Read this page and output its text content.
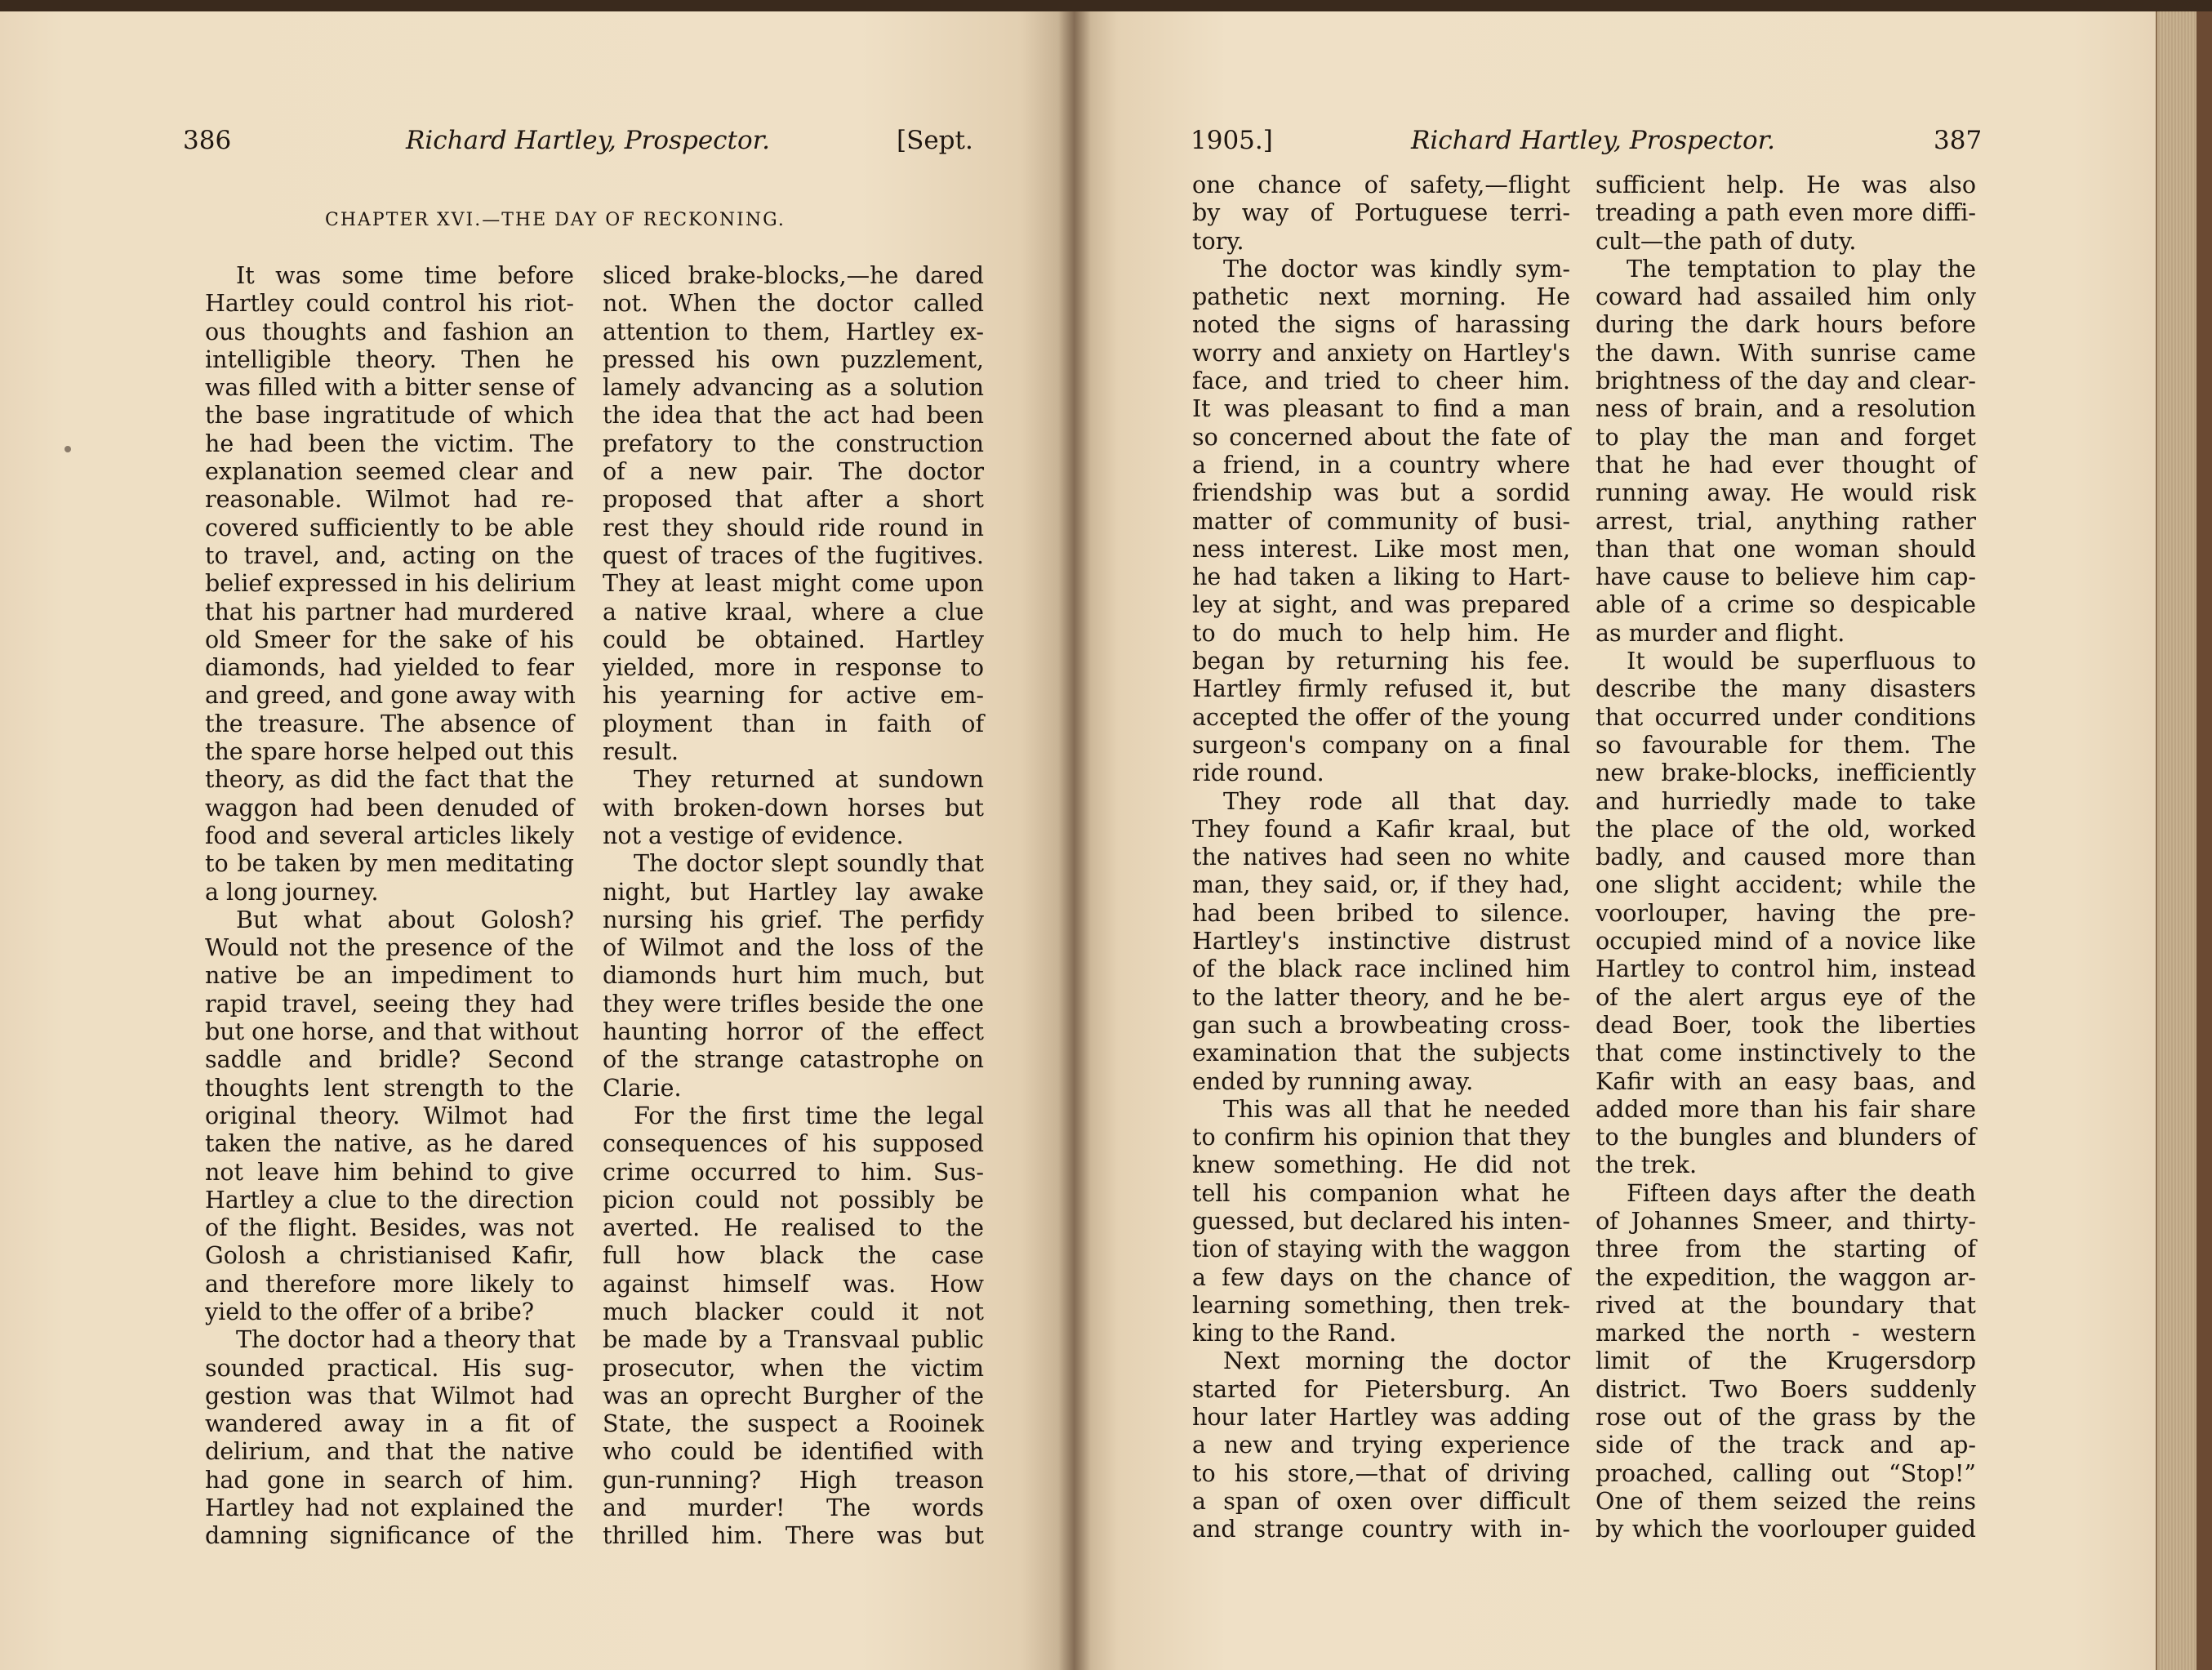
386	Richard Hartley, Prospector.	[Sept.
CHAPTER XVI.—THE DAY OF RECKONING.
1905.]	Richard Hartley, Prospector.	387
It was some time before
Hartley could control his riot-
ous thoughts and fashion an
intelligible theory. Then he
was filled with a bitter sense of
the base ingratitude of which
he had been the victim. The
explanation seemed clear and
reasonable. Wilmot had re-
covered sufficiently to be able
to travel, and, acting on the
belief expressed in his delirium
that his partner had murdered
old Smeer for the sake of his
diamonds, had yielded to fear
and greed, and gone away with
the treasure. The absence of
the spare horse helped out this
theory, as did the fact that the
waggon had been denuded of
food and several articles likely
to be taken by men meditating
a long journey.
But what about Golosh?
Would not the presence of the
native be an impediment to
rapid travel, seeing they had
but one horse, and that without
saddle and bridle? Second
thoughts lent strength to the
original theory. Wilmot had
taken the native, as he dared
not leave him behind to give
Hartley a clue to the direction
of the flight. Besides, was not
Golosh a christianised Kafir,
and therefore more likely to
yield to the offer of a bribe?
The doctor had a theory that
sounded practical. His sug-
gestion was that Wilmot had
wandered away in a fit of
delirium, and that the native
had gone in search of him.
Hartley had not explained the
damning significance of the
sliced brake-blocks,—he dared
not. When the doctor called
attention to them, Hartley ex-
pressed his own puzzlement,
lamely advancing as a solution
the idea that the act had been
prefatory to the construction
of a new pair. The doctor
proposed that after a short
rest they should ride round in
quest of traces of the fugitives.
They at least might come upon
a native kraal, where a clue
could be obtained. Hartley
yielded, more in response to
his yearning for active em-
ployment than in faith of
result.
They returned at sundown
with broken-down horses but
not a vestige of evidence.
The doctor slept soundly that
night, but Hartley lay awake
nursing his grief. The perfidy
of Wilmot and the loss of the
diamonds hurt him much, but
they were trifles beside the one
haunting horror of the effect
of the strange catastrophe on
Clarie.
For the first time the legal
consequences of his supposed
crime occurred to him. Sus-
picion could not possibly be
averted. He realised to the
full how black the case
against himself was. How
much blacker could it not
be made by a Transvaal public
prosecutor, when the victim
was an oprecht Burgher of the
State, the suspect a Rooinek
who could be identified with
gun-running? High treason
and murder! The words
thrilled him. There was but
one chance of safety,—flight
by way of Portuguese terri-
tory.
The doctor was kindly sym-
pathetic next morning. He
noted the signs of harassing
worry and anxiety on Hartley's
face, and tried to cheer him.
It was pleasant to find a man
so concerned about the fate of
a friend, in a country where
friendship was but a sordid
matter of community of busi-
ness interest. Like most men,
he had taken a liking to Hart-
ley at sight, and was prepared
to do much to help him. He
began by returning his fee.
Hartley firmly refused it, but
accepted the offer of the young
surgeon's company on a final
ride round.
They rode all that day.
They found a Kafir kraal, but
the natives had seen no white
man, they said, or, if they had,
had been bribed to silence.
Hartley's instinctive distrust
of the black race inclined him
to the latter theory, and he be-
gan such a browbeating cross-
examination that the subjects
ended by running away.
This was all that he needed
to confirm his opinion that they
knew something. He did not
tell his companion what he
guessed, but declared his inten-
tion of staying with the waggon
a few days on the chance of
learning something, then trek-
king to the Rand.
Next morning the doctor
started for Pietersburg. An
hour later Hartley was adding
a new and trying experience
to his store,—that of driving
a span of oxen over difficult
and strange country with in-
sufficient help. He was also
treading a path even more diffi-
cult—the path of duty.
The temptation to play the
coward had assailed him only
during the dark hours before
the dawn. With sunrise came
brightness of the day and clear-
ness of brain, and a resolution
to play the man and forget
that he had ever thought of
running away. He would risk
arrest, trial, anything rather
than that one woman should
have cause to believe him cap-
able of a crime so despicable
as murder and flight.
It would be superfluous to
describe the many disasters
that occurred under conditions
so favourable for them. The
new brake-blocks, inefficiently
and hurriedly made to take
the place of the old, worked
badly, and caused more than
one slight accident; while the
voorlouper, having the pre-
occupied mind of a novice like
Hartley to control him, instead
of the alert argus eye of the
dead Boer, took the liberties
that come instinctively to the
Kafir with an easy baas, and
added more than his fair share
to the bungles and blunders of
the trek.
Fifteen days after the death
of Johannes Smeer, and thirty-
three from the starting of
the expedition, the waggon ar-
rived at the boundary that
marked the north - western
limit of the Krugersdorp
district. Two Boers suddenly
rose out of the grass by the
side of the track and ap-
proached, calling out “Stop!”
One of them seized the reins
by which the voorlouper guided
